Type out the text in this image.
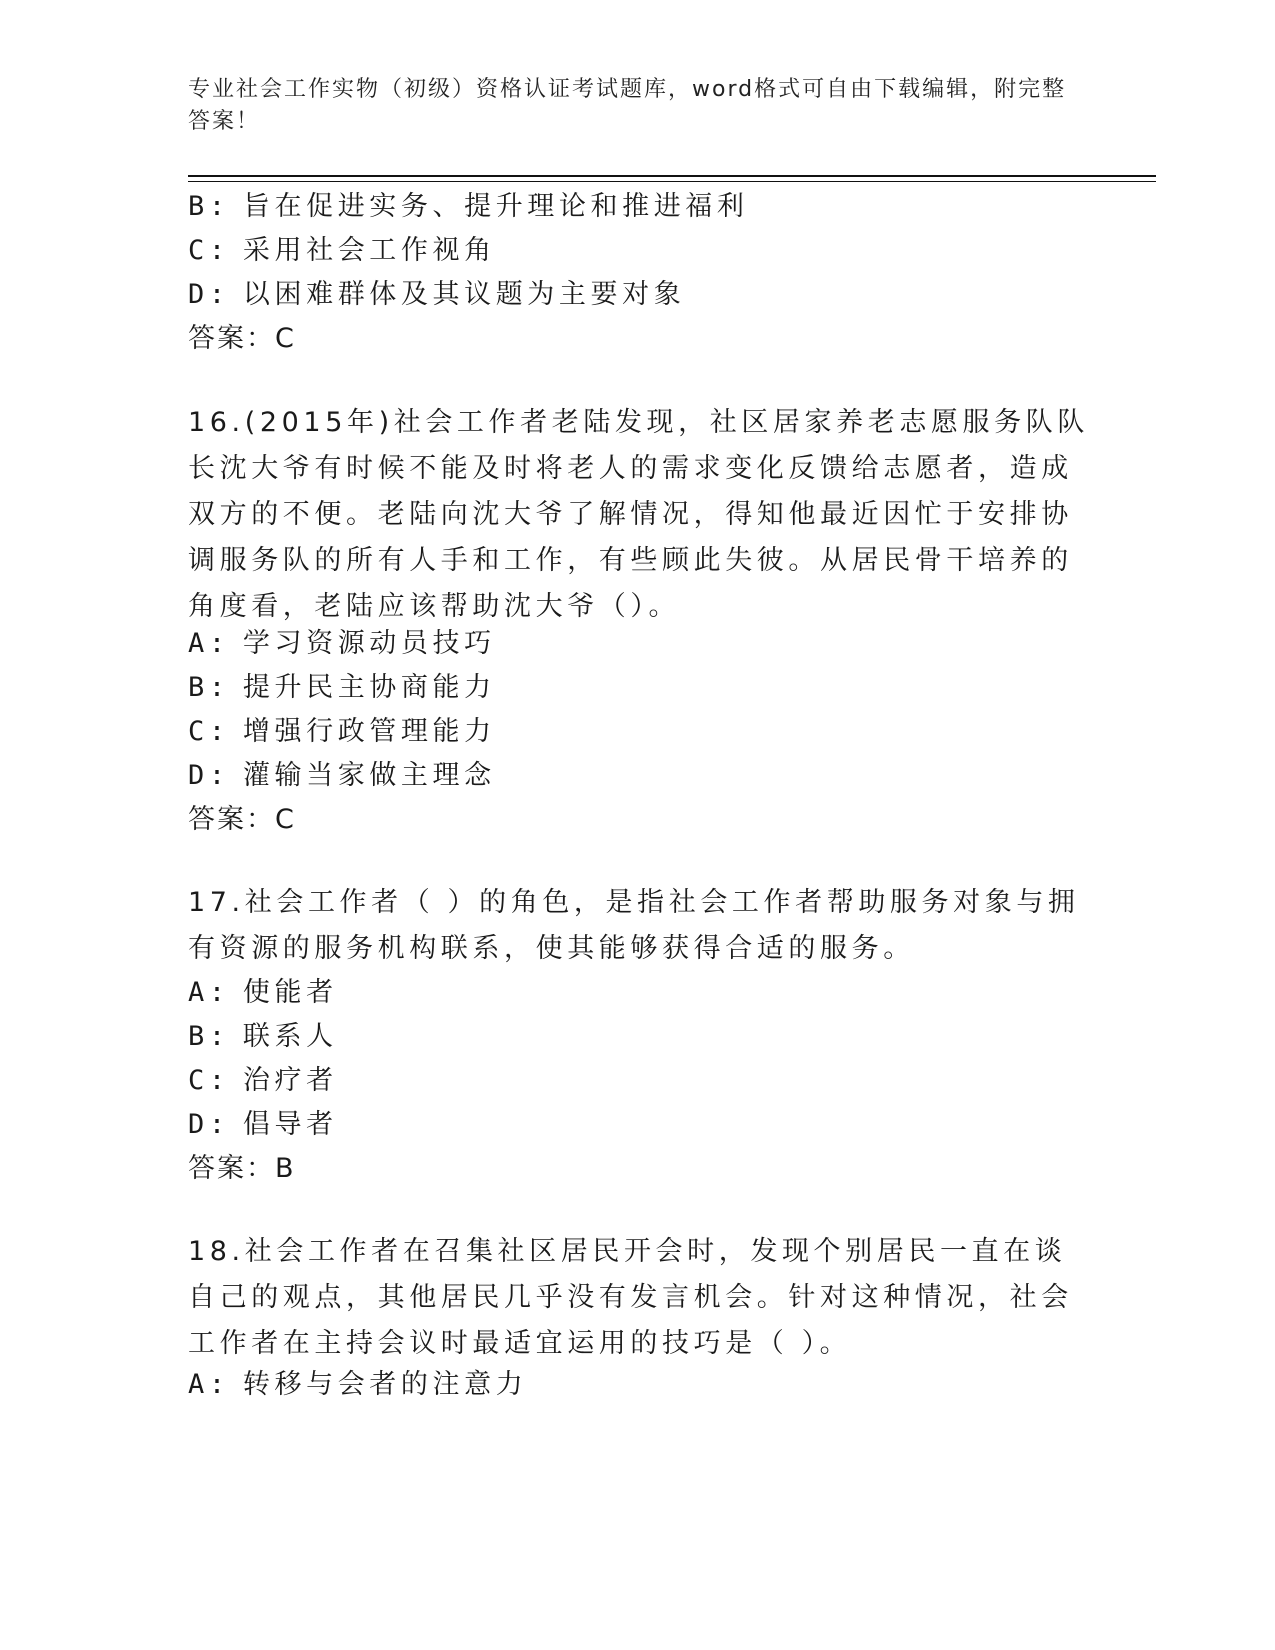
专业社会工作实物（初级）资格认证考试题库，word格式可自由下载编辑，附完整答案！
B: 旨在促进实务、提升理论和推进福利
C: 采用社会工作视角
D: 以困难群体及其议题为主要对象
答案：C
16.(2015年)社会工作者老陆发现，社区居家养老志愿服务队队长沈大爷有时候不能及时将老人的需求变化反馈给志愿者，造成双方的不便。老陆向沈大爷了解情况，得知他最近因忙于安排协调服务队的所有人手和工作，有些顾此失彼。从居民骨干培养的角度看，老陆应该帮助沈大爷（）。
A: 学习资源动员技巧
B: 提升民主协商能力
C: 增强行政管理能力
D: 灌输当家做主理念
答案：C
17.社会工作者（ ）的角色，是指社会工作者帮助服务对象与拥有资源的服务机构联系，使其能够获得合适的服务。
A: 使能者
B: 联系人
C: 治疗者
D: 倡导者
答案：B
18.社会工作者在召集社区居民开会时，发现个别居民一直在谈自己的观点，其他居民几乎没有发言机会。针对这种情况，社会工作者在主持会议时最适宜运用的技巧是（ ）。
A: 转移与会者的注意力
